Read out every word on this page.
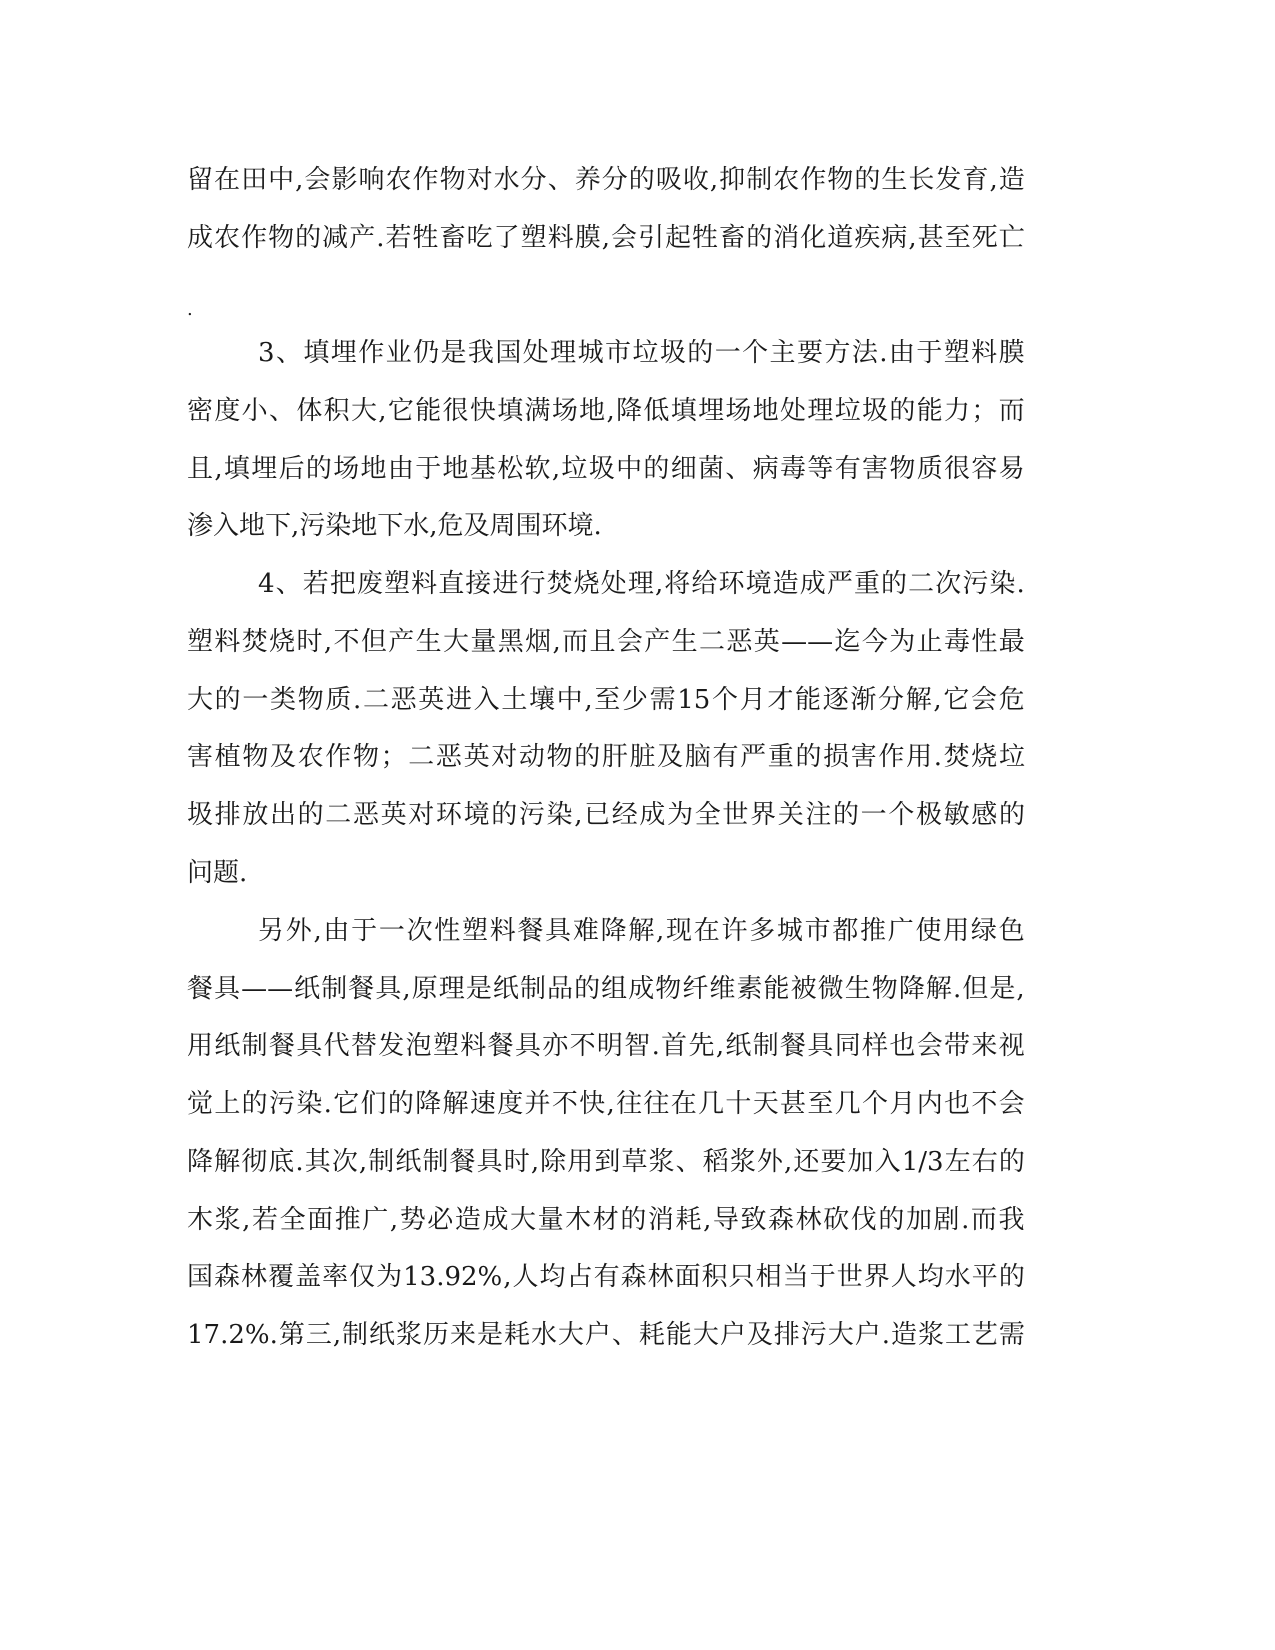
留 在 田 中 , 会 影 响 农 作 物 对 水 分 、 养 分 的 吸 收 , 抑 制 农 作 物 的 生 长 发 育 , 造
成 农 作 物 的 减 产 . 若 牲 畜 吃 了 塑 料 膜 , 会 引 起 牲 畜 的 消 化 道 疾 病 , 甚 至 死 亡
.
3 、 填 埋 作 业 仍 是 我 国 处 理 城 市 垃 圾 的 一 个 主 要 方 法 . 由 于 塑 料 膜
密 度 小 、 体 积 大 , 它 能 很 快 填 满 场 地 , 降 低 填 埋 场 地 处 理 垃 圾 的 能 力 ； 而
且 , 填 埋 后 的 场 地 由 于 地 基 松 软 , 垃 圾 中 的 细 菌 、 病 毒 等 有 害 物 质 很 容 易
渗入地下,污染地下水,危及周围环境.
4 、 若 把 废 塑 料 直 接 进 行 焚 烧 处 理 , 将 给 环 境 造 成 严 重 的 二 次 污 染 .
塑 料 焚 烧 时 , 不 但 产 生 大 量 黑 烟 , 而 且 会 产 生 二 恶 英 —— 迄 今 为 止 毒 性 最
大 的 一 类 物 质 . 二 恶 英 进 入 土 壤 中 , 至 少 需 15 个 月 才 能 逐 渐 分 解 , 它 会 危
害 植 物 及 农 作 物 ； 二 恶 英 对 动 物 的 肝 脏 及 脑 有 严 重 的 损 害 作 用 . 焚 烧 垃
圾 排 放 出 的 二 恶 英 对 环 境 的 污 染 , 已 经 成 为 全 世 界 关 注 的 一 个 极 敏 感 的
问题.
另 外 , 由 于 一 次 性 塑 料 餐 具 难 降 解 , 现 在 许 多 城 市 都 推 广 使 用 绿 色
餐 具 —— 纸 制 餐 具 , 原 理 是 纸 制 品 的 组 成 物 纤 维 素 能 被 微 生 物 降 解 . 但 是 ,
用 纸 制 餐 具 代 替 发 泡 塑 料 餐 具 亦 不 明 智 . 首 先 , 纸 制 餐 具 同 样 也 会 带 来 视
觉 上 的 污 染 . 它 们 的 降 解 速 度 并 不 快 , 往 往 在 几 十 天 甚 至 几 个 月 内 也 不 会
降 解 彻 底 . 其 次 , 制 纸 制 餐 具 时 , 除 用 到 草 浆 、 稻 浆 外 , 还 要 加 入 1/3 左 右 的
木 浆 , 若 全 面 推 广 , 势 必 造 成 大 量 木 材 的 消 耗 , 导 致 森 林 砍 伐 的 加 剧 . 而 我
国 森 林 覆 盖 率 仅 为 13.92% , 人 均 占 有 森 林 面 积 只 相 当 于 世 界 人 均 水 平 的
17.2%. 第 三 , 制 纸 浆 历 来 是 耗 水 大 户 、 耗 能 大 户 及 排 污 大 户 . 造 浆 工 艺 需
